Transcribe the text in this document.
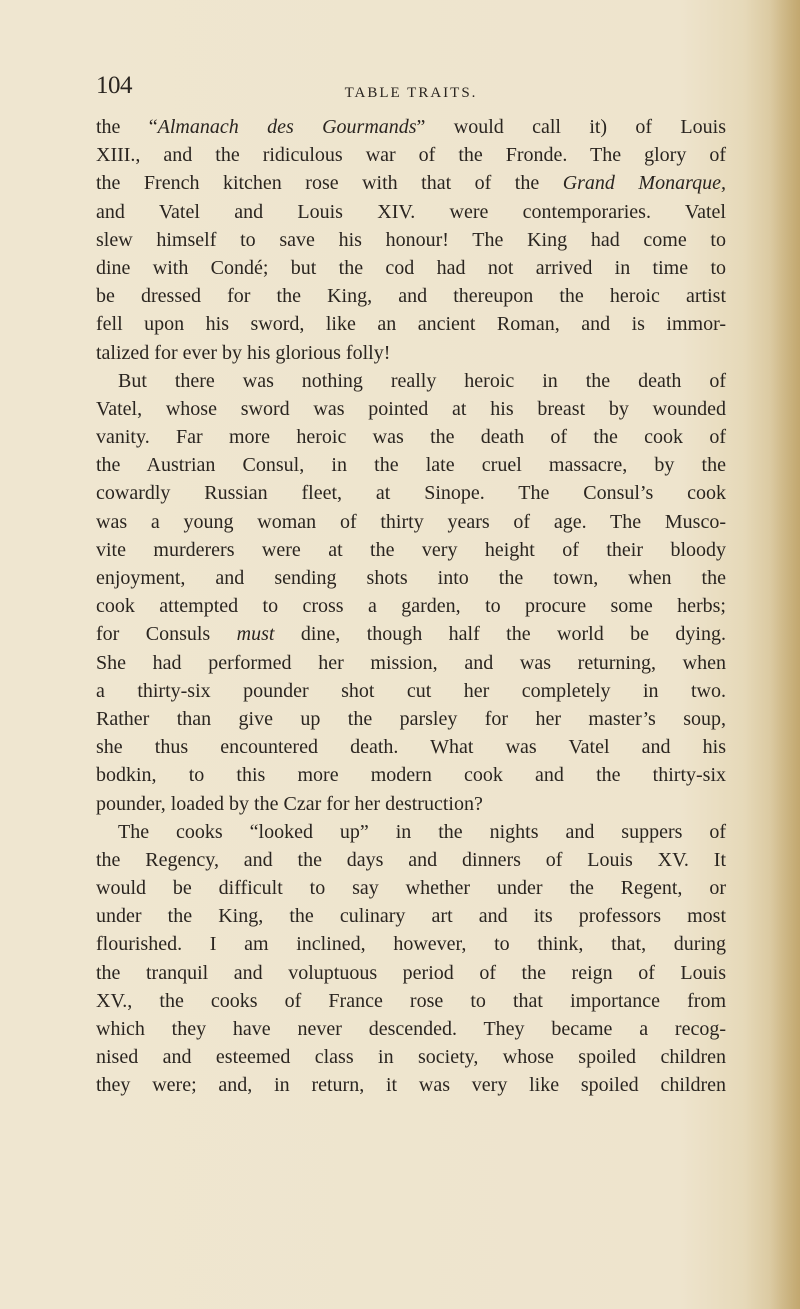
104	TABLE TRAITS.
the “Almanach des Gourmands” would call it) of Louis
XIII., and the ridiculous war of the Fronde. The glory of
the French kitchen rose with that of the Grand Monarque,
and Vatel and Louis XIV. were contemporaries. Vatel
slew himself to save his honour! The King had come to
dine with Condé; but the cod had not arrived in time to
be dressed for the King, and thereupon the heroic artist
fell upon his sword, like an ancient Roman, and is immor-
talized for ever by his glorious folly!
But there was nothing really heroic in the death of
Vatel, whose sword was pointed at his breast by wounded
vanity. Far more heroic was the death of the cook of
the Austrian Consul, in the late cruel massacre, by the
cowardly Russian fleet, at Sinope. The Consul’s cook
was a young woman of thirty years of age. The Musco-
vite murderers were at the very height of their bloody
enjoyment, and sending shots into the town, when the
cook attempted to cross a garden, to procure some herbs;
for Consuls must dine, though half the world be dying.
She had performed her mission, and was returning, when
a thirty-six pounder shot cut her completely in two.
Rather than give up the parsley for her master’s soup,
she thus encountered death. What was Vatel and his
bodkin, to this more modern cook and the thirty-six
pounder, loaded by the Czar for her destruction?
The cooks “looked up” in the nights and suppers of
the Regency, and the days and dinners of Louis XV. It
would be difficult to say whether under the Regent, or
under the King, the culinary art and its professors most
flourished. I am inclined, however, to think, that, during
the tranquil and voluptuous period of the reign of Louis
XV., the cooks of France rose to that importance from
which they have never descended. They became a recog-
nised and esteemed class in society, whose spoiled children
they were; and, in return, it was very like spoiled children
